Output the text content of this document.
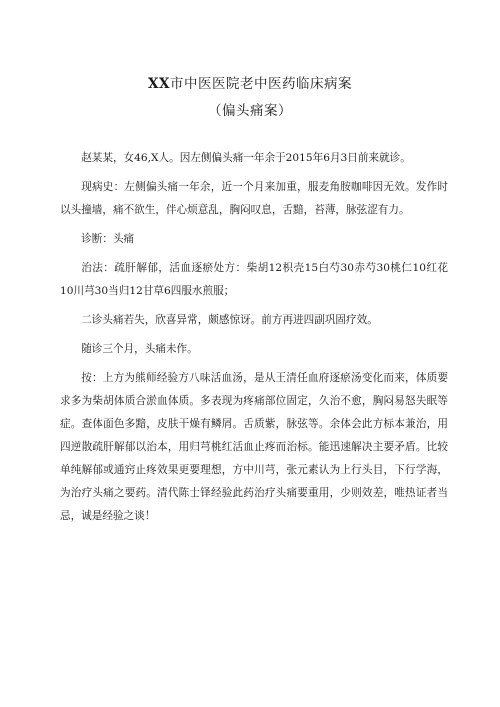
XX市中医医院老中医药临床病案
（偏头痛案）

赵某某，女46,X人。因左侧偏头痛一年余于2015年6月3日前来就诊。

现病史：左侧偏头痛一年余，近一个月来加重，服麦角胺咖啡因无效。发作时以头撞墙，痛不欲生，伴心烦意乱，胸闷叹息，舌黯，苔薄，脉弦涩有力。

诊断：头痛

治法：疏肝解郁，活血逐瘀处方：柴胡12枳壳15白芍30赤芍30桃仁10红花10川芎30当归12甘草6四服水煎服；

二诊头痛若失，欣喜异常，颇感惊讶。前方再进四副巩固疗效。

随诊三个月，头痛未作。

按：上方为熊师经验方八味活血汤，是从王清任血府逐瘀汤变化而来，体质要求多为柴胡体质合淤血体质。多表现为疼痛部位固定，久治不愈，胸闷易怒失眠等症。查体面色多黯，皮肤干燥有鳞屑。舌质紫，脉弦等。余体会此方标本兼治，用四逆散疏肝解郁以治本，用归芎桃红活血止疼而治标。能迅速解决主要矛盾。比较单纯解郁或通窍止疼效果更要理想，方中川芎，张元素认为上行头目，下行学海，为治疗头痛之要药。清代陈士铎经验此药治疗头痛要重用，少则效差，唯热证者当忌，诚是经验之谈！
